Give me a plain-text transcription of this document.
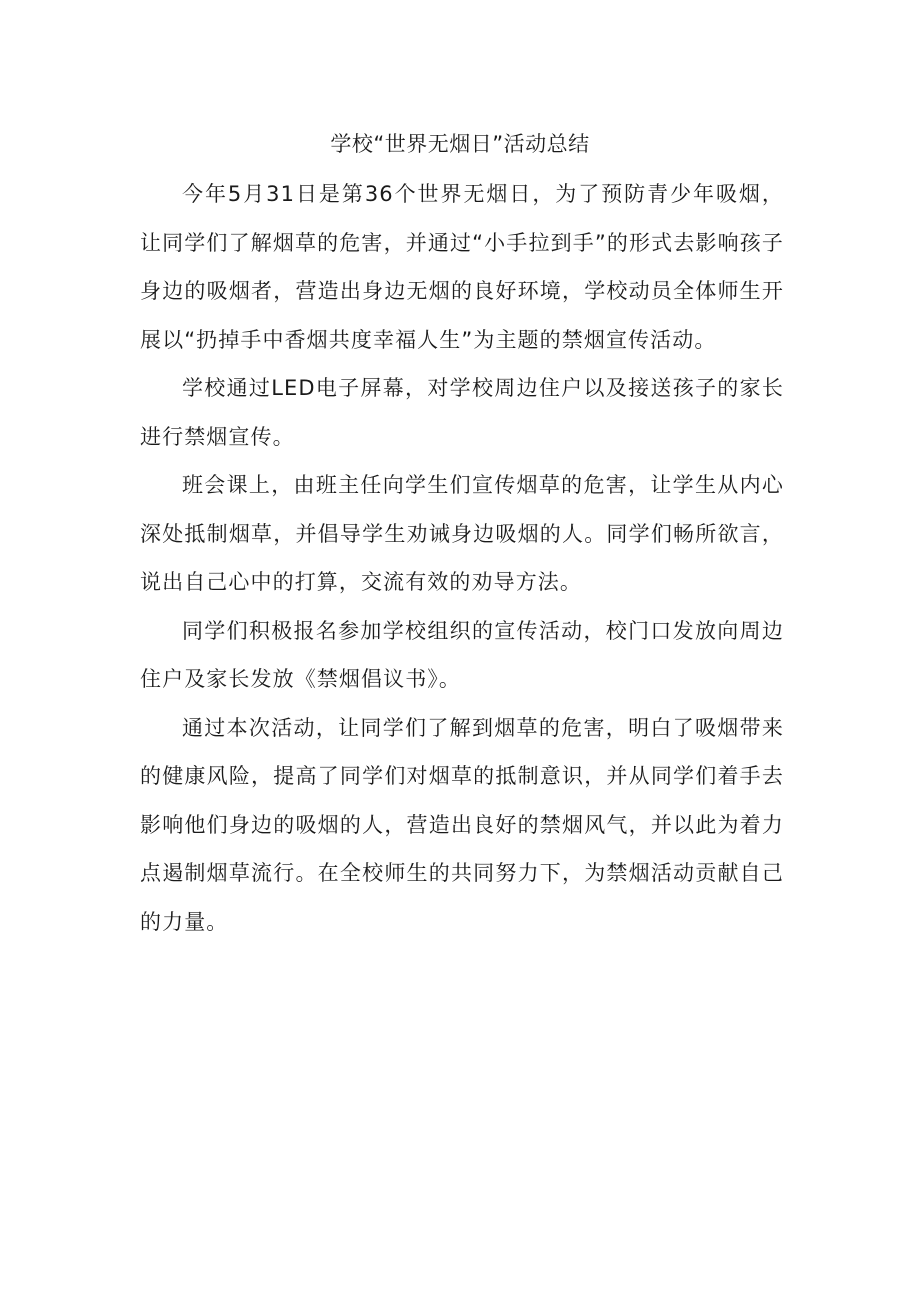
学校“世界无烟日”活动总结

今年5月31日是第36个世界无烟日，为了预防青少年吸烟，让同学们了解烟草的危害，并通过“小手拉到手”的形式去影响孩子身边的吸烟者，营造出身边无烟的良好环境，学校动员全体师生开展以“扔掉手中香烟共度幸福人生”为主题的禁烟宣传活动。

学校通过LED电子屏幕，对学校周边住户以及接送孩子的家长进行禁烟宣传。

班会课上，由班主任向学生们宣传烟草的危害，让学生从内心深处抵制烟草，并倡导学生劝诫身边吸烟的人。同学们畅所欲言，说出自己心中的打算，交流有效的劝导方法。

同学们积极报名参加学校组织的宣传活动，校门口发放向周边住户及家长发放《禁烟倡议书》。

通过本次活动，让同学们了解到烟草的危害，明白了吸烟带来的健康风险，提高了同学们对烟草的抵制意识，并从同学们着手去影响他们身边的吸烟的人，营造出良好的禁烟风气，并以此为着力点遏制烟草流行。在全校师生的共同努力下，为禁烟活动贡献自己的力量。
